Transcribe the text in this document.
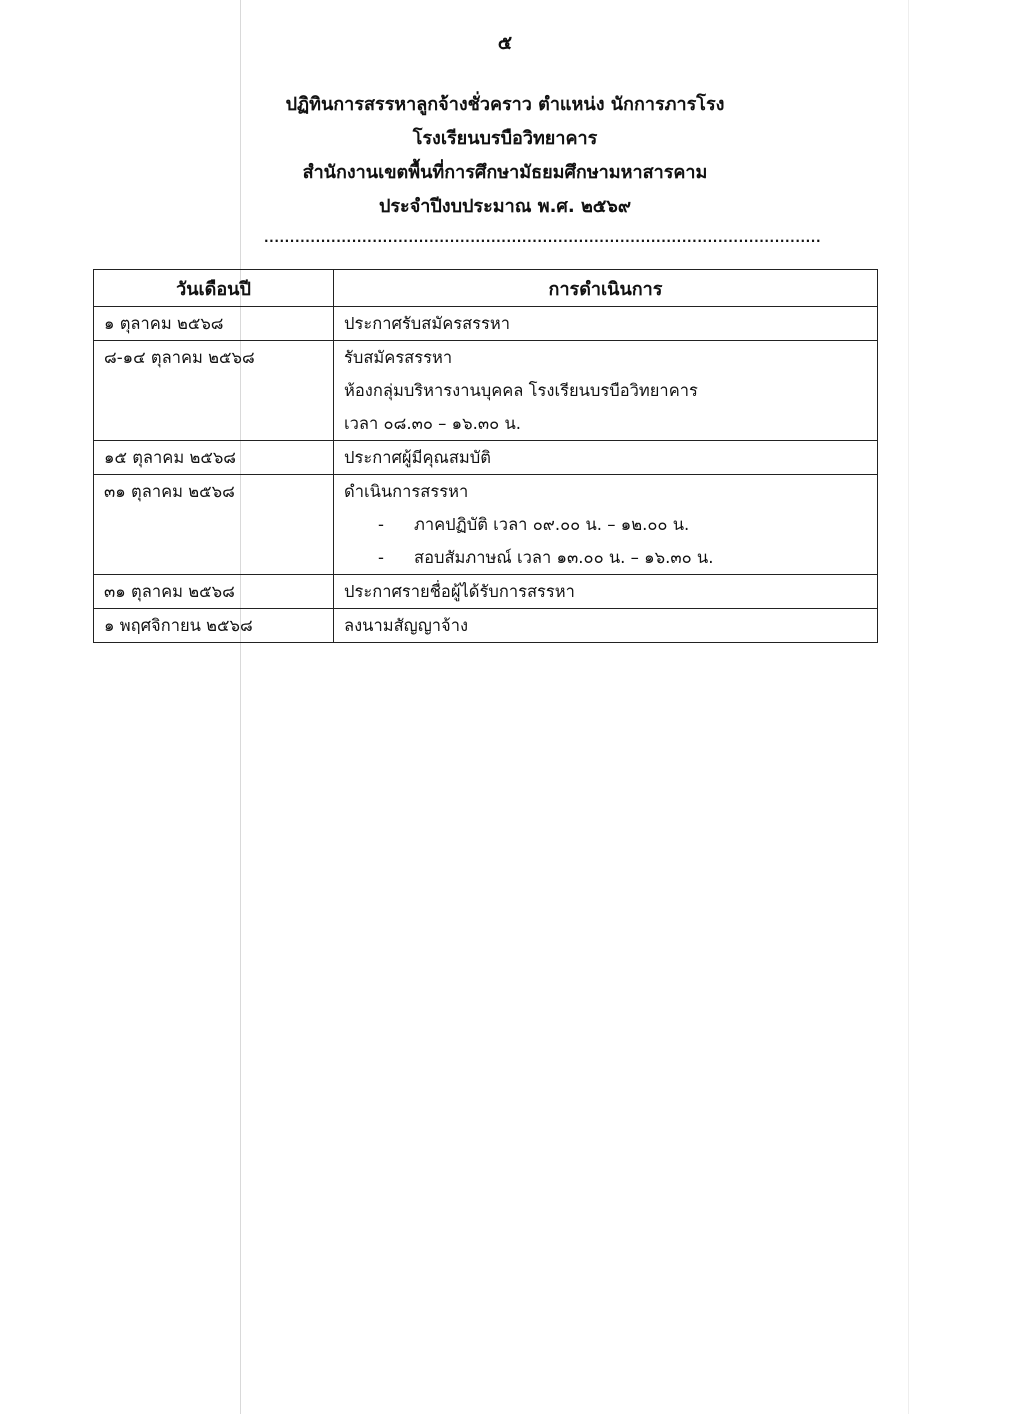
๕
ปฏิทินการสรรหาลูกจ้างชั่วคราว ตำแหน่ง นักการภารโรง
โรงเรียนบรบือวิทยาคาร
สำนักงานเขตพื้นที่การศึกษามัธยมศึกษามหาสารคาม
ประจำปีงบประมาณ พ.ศ. ๒๕๖๙
............................................................................................................
วันเดือนปี	การดำเนินการ
๑ ตุลาคม ๒๕๖๘	ประกาศรับสมัครสรรหา

๘-๑๔ ตุลาคม ๒๕๖๘	รับสมัครสรรหา
ห้องกลุ่มบริหารงานบุคคล โรงเรียนบรบือวิทยาคาร
เวลา ๐๘.๓๐ – ๑๖.๓๐ น.

๑๕ ตุลาคม ๒๕๖๘	ประกาศผู้มีคุณสมบัติ

๓๑ ตุลาคม ๒๕๖๘	ดำเนินการสรรหา
- ภาคปฏิบัติ เวลา ๐๙.๐๐ น. – ๑๒.๐๐ น.
- สอบสัมภาษณ์ เวลา ๑๓.๐๐ น. – ๑๖.๓๐ น.

๓๑ ตุลาคม ๒๕๖๘	ประกาศรายชื่อผู้ได้รับการสรรหา

๑ พฤศจิกายน ๒๕๖๘	ลงนามสัญญาจ้าง
